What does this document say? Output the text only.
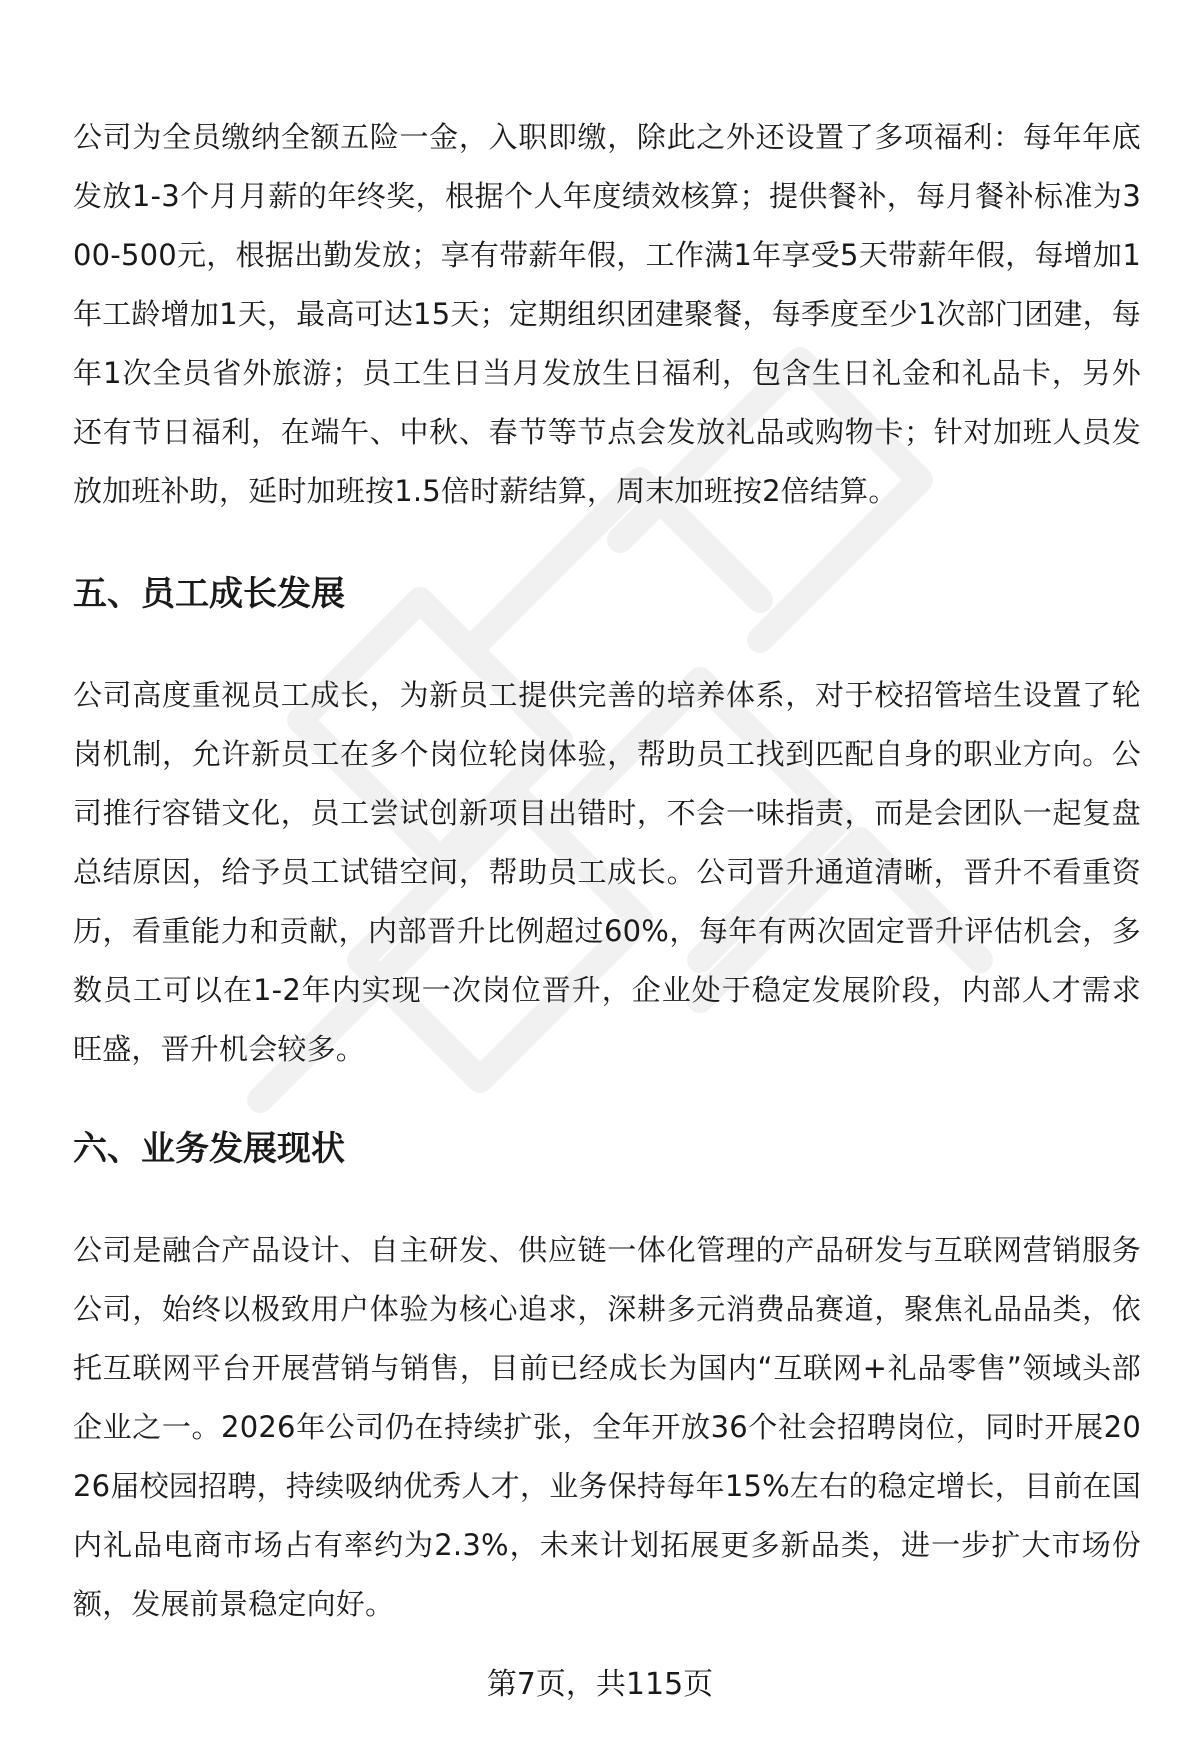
公司为全员缴纳全额五险一金，入职即缴，除此之外还设置了多项福利：每年年底发放1-3个月月薪的年终奖，根据个人年度绩效核算；提供餐补，每月餐补标准为300-500元，根据出勤发放；享有带薪年假，工作满1年享受5天带薪年假，每增加1年工龄增加1天，最高可达15天；定期组织团建聚餐，每季度至少1次部门团建，每年1次全员省外旅游；员工生日当月发放生日福利，包含生日礼金和礼品卡，另外还有节日福利，在端午、中秋、春节等节点会发放礼品或购物卡；针对加班人员发放加班补助，延时加班按1.5倍时薪结算，周末加班按2倍结算。

五、员工成长发展

公司高度重视员工成长，为新员工提供完善的培养体系，对于校招管培生设置了轮岗机制，允许新员工在多个岗位轮岗体验，帮助员工找到匹配自身的职业方向。公司推行容错文化，员工尝试创新项目出错时，不会一味指责，而是会团队一起复盘总结原因，给予员工试错空间，帮助员工成长。公司晋升通道清晰，晋升不看重资历，看重能力和贡献，内部晋升比例超过60%，每年有两次固定晋升评估机会，多数员工可以在1-2年内实现一次岗位晋升，企业处于稳定发展阶段，内部人才需求旺盛，晋升机会较多。

六、业务发展现状

公司是融合产品设计、自主研发、供应链一体化管理的产品研发与互联网营销服务公司，始终以极致用户体验为核心追求，深耕多元消费品赛道，聚焦礼品品类，依托互联网平台开展营销与销售，目前已经成长为国内“互联网+礼品零售”领域头部企业之一。2026年公司仍在持续扩张，全年开放36个社会招聘岗位，同时开展2026届校园招聘，持续吸纳优秀人才，业务保持每年15%左右的稳定增长，目前在国内礼品电商市场占有率约为2.3%，未来计划拓展更多新品类，进一步扩大市场份额，发展前景稳定向好。

第7页，共115页
